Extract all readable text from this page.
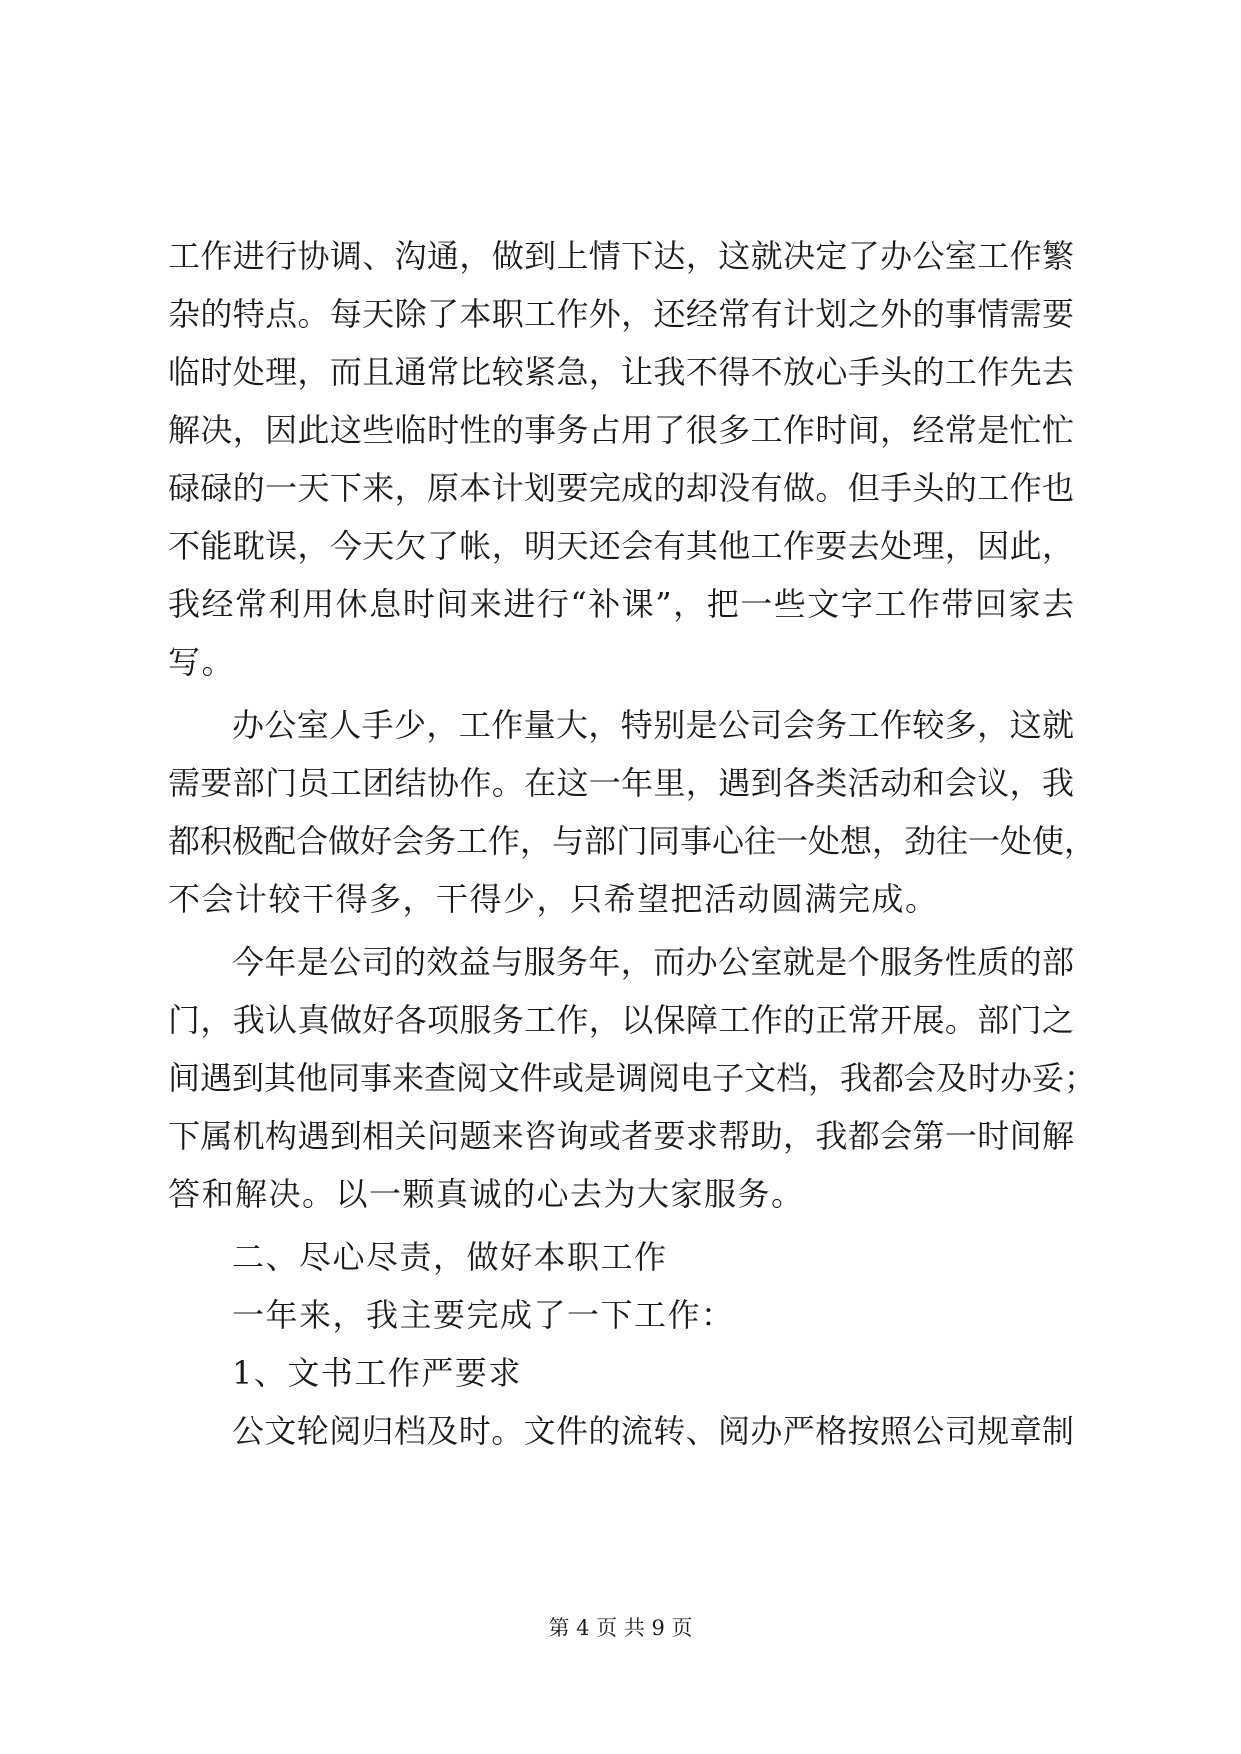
工作进行协调、沟通，做到上情下达，这就决定了办公室工作繁
杂的特点。每天除了本职工作外，还经常有计划之外的事情需要
临时处理，而且通常比较紧急，让我不得不放心手头的工作先去
解决，因此这些临时性的事务占用了很多工作时间，经常是忙忙
碌碌的一天下来，原本计划要完成的却没有做。但手头的工作也
不能耽误，今天欠了帐，明天还会有其他工作要去处理，因此，
我经常利用休息时间来进行“补课”，把一些文字工作带回家去
写。
办公室人手少，工作量大，特别是公司会务工作较多，这就
需要部门员工团结协作。在这一年里，遇到各类活动和会议，我
都积极配合做好会务工作，与部门同事心往一处想，劲往一处使，
不会计较干得多，干得少，只希望把活动圆满完成。
今年是公司的效益与服务年，而办公室就是个服务性质的部
门，我认真做好各项服务工作，以保障工作的正常开展。部门之
间遇到其他同事来查阅文件或是调阅电子文档，我都会及时办妥；
下属机构遇到相关问题来咨询或者要求帮助，我都会第一时间解
答和解决。以一颗真诚的心去为大家服务。
二、尽心尽责，做好本职工作
一年来，我主要完成了一下工作：
1、文书工作严要求
公文轮阅归档及时。文件的流转、阅办严格按照公司规章制
第 4 页 共 9 页
